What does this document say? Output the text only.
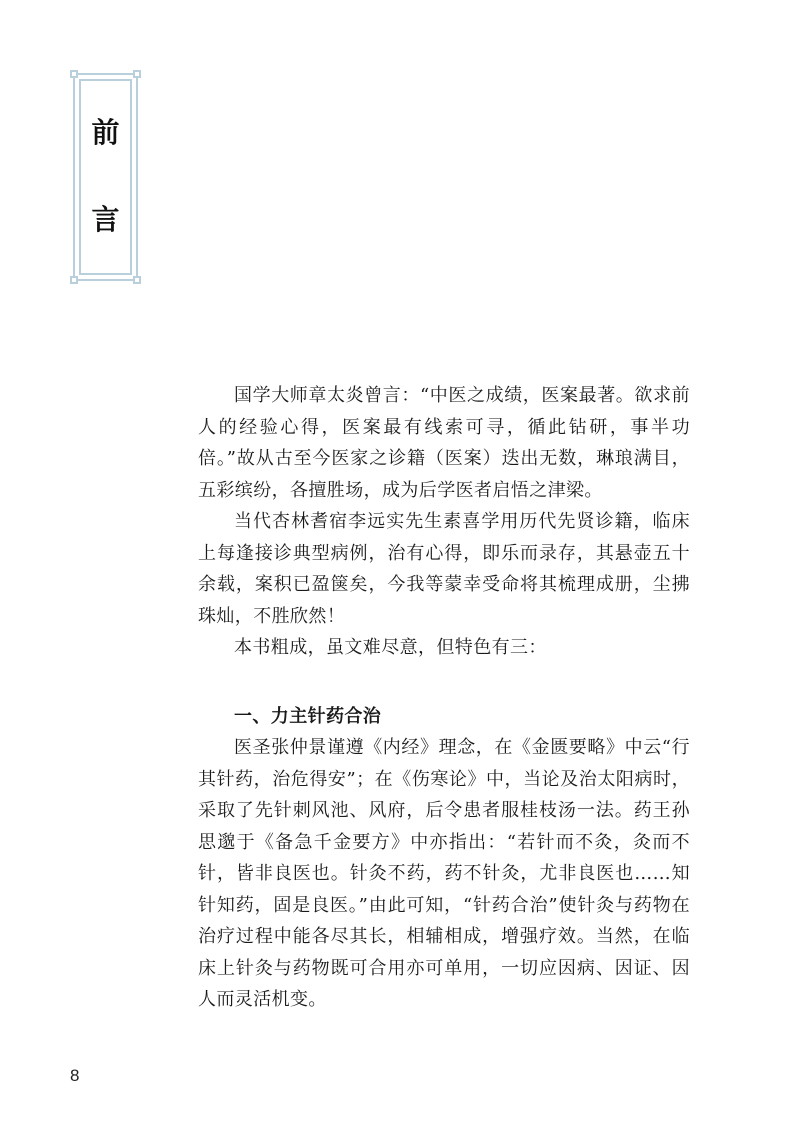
前
言

国学大师章太炎曾言：“中医之成绩，医案最著。欲求前人的经验心得，医案最有线索可寻，循此钻研，事半功倍。”故从古至今医家之诊籍（医案）迭出无数，琳琅满目，五彩缤纷，各擅胜场，成为后学医者启悟之津梁。

当代杏林耆宿李远实先生素喜学用历代先贤诊籍，临床上每逢接诊典型病例，治有心得，即乐而录存，其悬壶五十余载，案积已盈箧矣，今我等蒙幸受命将其梳理成册，尘拂珠灿，不胜欣然！

本书粗成，虽文难尽意，但特色有三：

一、力主针药合治

医圣张仲景谨遵《内经》理念，在《金匮要略》中云“行其针药，治危得安”；在《伤寒论》中，当论及治太阳病时，采取了先针刺风池、风府，后令患者服桂枝汤一法。药王孙思邈于《备急千金要方》中亦指出：“若针而不灸，灸而不针，皆非良医也。针灸不药，药不针灸，尤非良医也……知针知药，固是良医。”由此可知，“针药合治”使针灸与药物在治疗过程中能各尽其长，相辅相成，增强疗效。当然，在临床上针灸与药物既可合用亦可单用，一切应因病、因证、因人而灵活机变。

8
